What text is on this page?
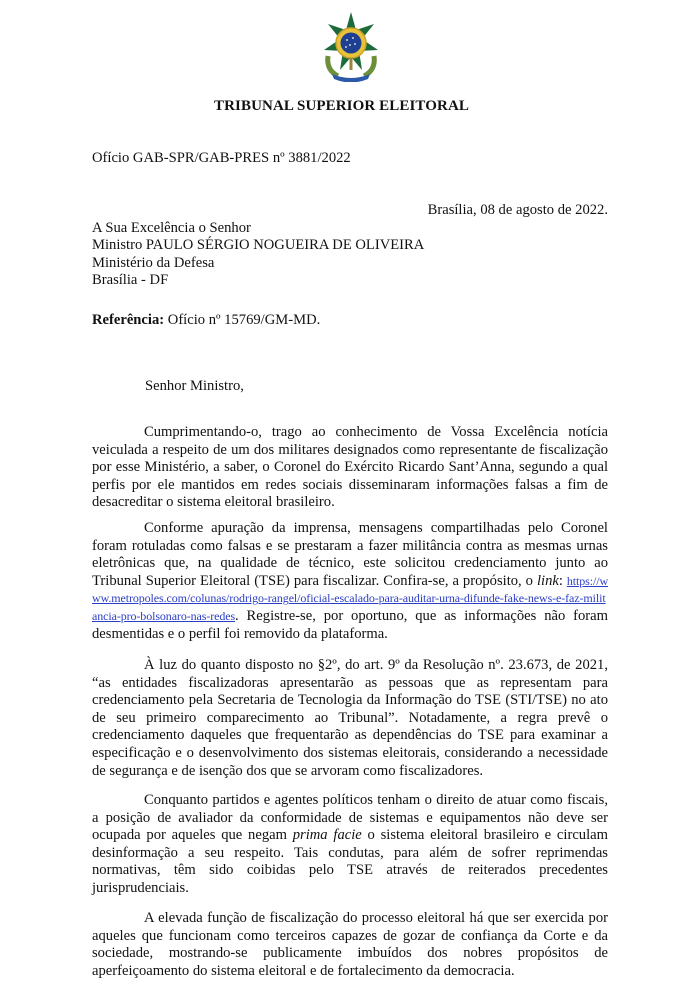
TRIBUNAL SUPERIOR ELEITORAL
Ofício GAB-SPR/GAB-PRES nº 3881/2022
Brasília, 08 de agosto de 2022.
A Sua Excelência o Senhor
Ministro PAULO SÉRGIO NOGUEIRA DE OLIVEIRA
Ministério da Defesa
Brasília - DF
Referência: Ofício nº 15769/GM-MD.
Senhor Ministro,
Cumprimentando-o, trago ao conhecimento de Vossa Excelência notícia veiculada a respeito de um dos militares designados como representante de fiscalização por esse Ministério, a saber, o Coronel do Exército Ricardo Sant’Anna, segundo a qual perfis por ele mantidos em redes sociais disseminaram informações falsas a fim de desacreditar o sistema eleitoral brasileiro.
Conforme apuração da imprensa, mensagens compartilhadas pelo Coronel foram rotuladas como falsas e se prestaram a fazer militância contra as mesmas urnas eletrônicas que, na qualidade de técnico, este solicitou credenciamento junto ao Tribunal Superior Eleitoral (TSE) para fiscalizar. Confira-se, a propósito, o link: https://www.metropoles.com/colunas/rodrigo-rangel/oficial-escalado-para-auditar-urna-difunde-fake-news-e-faz-militancia-pro-bolsonaro-nas-redes. Registre-se, por oportuno, que as informações não foram desmentidas e o perfil foi removido da plataforma.
À luz do quanto disposto no §2º, do art. 9º da Resolução nº. 23.673, de 2021, “as entidades fiscalizadoras apresentarão as pessoas que as representam para credenciamento pela Secretaria de Tecnologia da Informação do TSE (STI/TSE) no ato de seu primeiro comparecimento ao Tribunal”. Notadamente, a regra prevê o credenciamento daqueles que frequentarão as dependências do TSE para examinar a especificação e o desenvolvimento dos sistemas eleitorais, considerando a necessidade de segurança e de isenção dos que se arvoram como fiscalizadores.
Conquanto partidos e agentes políticos tenham o direito de atuar como fiscais, a posição de avaliador da conformidade de sistemas e equipamentos não deve ser ocupada por aqueles que negam prima facie o sistema eleitoral brasileiro e circulam desinformação a seu respeito. Tais condutas, para além de sofrer reprimendas normativas, têm sido coibidas pelo TSE através de reiterados precedentes jurisprudenciais.
A elevada função de fiscalização do processo eleitoral há que ser exercida por aqueles que funcionam como terceiros capazes de gozar de confiança da Corte e da sociedade, mostrando-se publicamente imbuídos dos nobres propósitos de aperfeiçoamento do sistema eleitoral e de fortalecimento da democracia.
